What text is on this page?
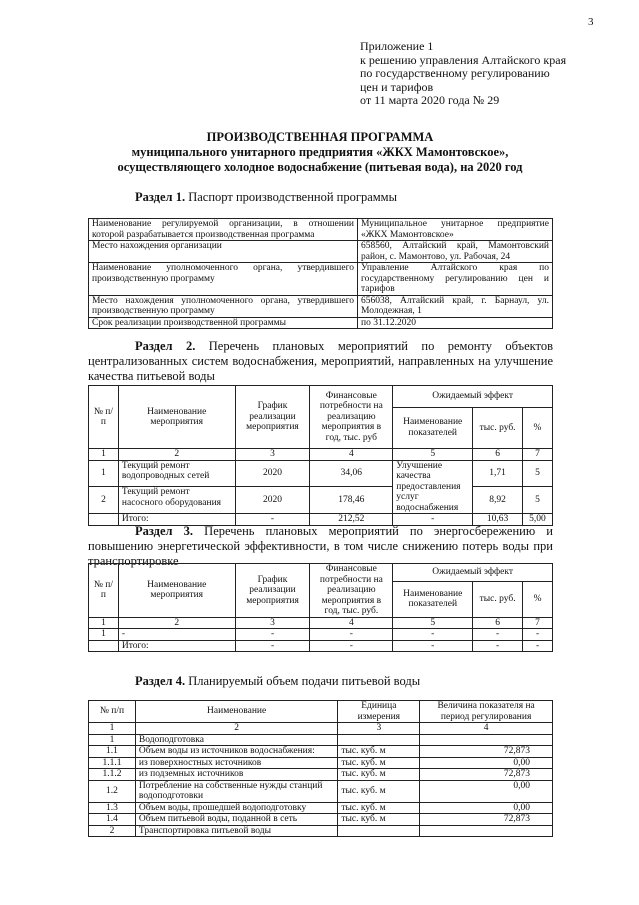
3
Приложение 1
к решению управления Алтайского края
по государственному регулированию
цен и тарифов
от 11 марта 2020 года № 29
ПРОИЗВОДСТВЕННАЯ ПРОГРАММА
муниципального унитарного предприятия «ЖКХ Мамонтовское»,
осуществляющего холодное водоснабжение (питьевая вода), на 2020 год
Раздел 1. Паспорт производственной программы
Наименование регулируемой организации, в отношении которой разрабатывается производственная программа	Муниципальное унитарное предприятие «ЖКХ Мамонтовское»
Место нахождения организации	658560, Алтайский край, Мамонтовский район, с. Мамонтово, ул. Рабочая, 24
Наименование уполномоченного органа, утвердившего производственную программу	Управление Алтайского края по государственному регулированию цен и тарифов
Место нахождения уполномоченного органа, утвердившего производственную программу	656038, Алтайский край, г. Барнаул, ул. Молодежная, 1
Срок реализации производственной программы	по 31.12.2020
Раздел 2. Перечень плановых мероприятий по ремонту объектов централизованных систем водоснабжения, мероприятий, направленных на улучшение качества питьевой воды
№ п/п	Наименование мероприятия	График реализации мероприятия	Финансовые потребности на реализацию мероприятия в год, тыс. руб	Ожидаемый эффект		
				Наименование показателей	тыс. руб.	%
1	2	3	4	5	6	7
1	Текущий ремонт водопроводных сетей	2020	34,06	Улучшение качества предоставления услуг водоснабжения	1,71	5
2	Текущий ремонт насосного оборудования	2020	178,46		8,92	5
	Итого:	-	212,52	-	10,63	5,00
Раздел 3. Перечень плановых мероприятий по энергосбережению и повышению энергетической эффективности, в том числе снижению потерь воды при транспортировке
№ п/п	Наименование мероприятия	График реализации мероприятия	Финансовые потребности на реализацию мероприятия в год, тыс. руб.	Ожидаемый эффект		
				Наименование показателей	тыс. руб.	%
1	2	3	4	5	6	7
1	-	-	-	-	-	-
	Итого:	-	-	-	-	-
Раздел 4. Планируемый объем подачи питьевой воды
№ п/п	Наименование	Единица измерения	Величина показателя на период регулирования
1	2	3	4
1	Водоподготовка		
1.1	Объем воды из источников водоснабжения:	тыс. куб. м	72,873
1.1.1	из поверхностных источников	тыс. куб. м	0,00
1.1.2	из подземных источников	тыс. куб. м	72,873
1.2	Потребление на собственные нужды станций водоподготовки	тыс. куб. м	0,00
1.3	Объем воды, прошедшей водоподготовку	тыс. куб. м	0,00
1.4	Объем питьевой воды, поданной в сеть	тыс. куб. м	72,873
2	Транспортировка питьевой воды		
